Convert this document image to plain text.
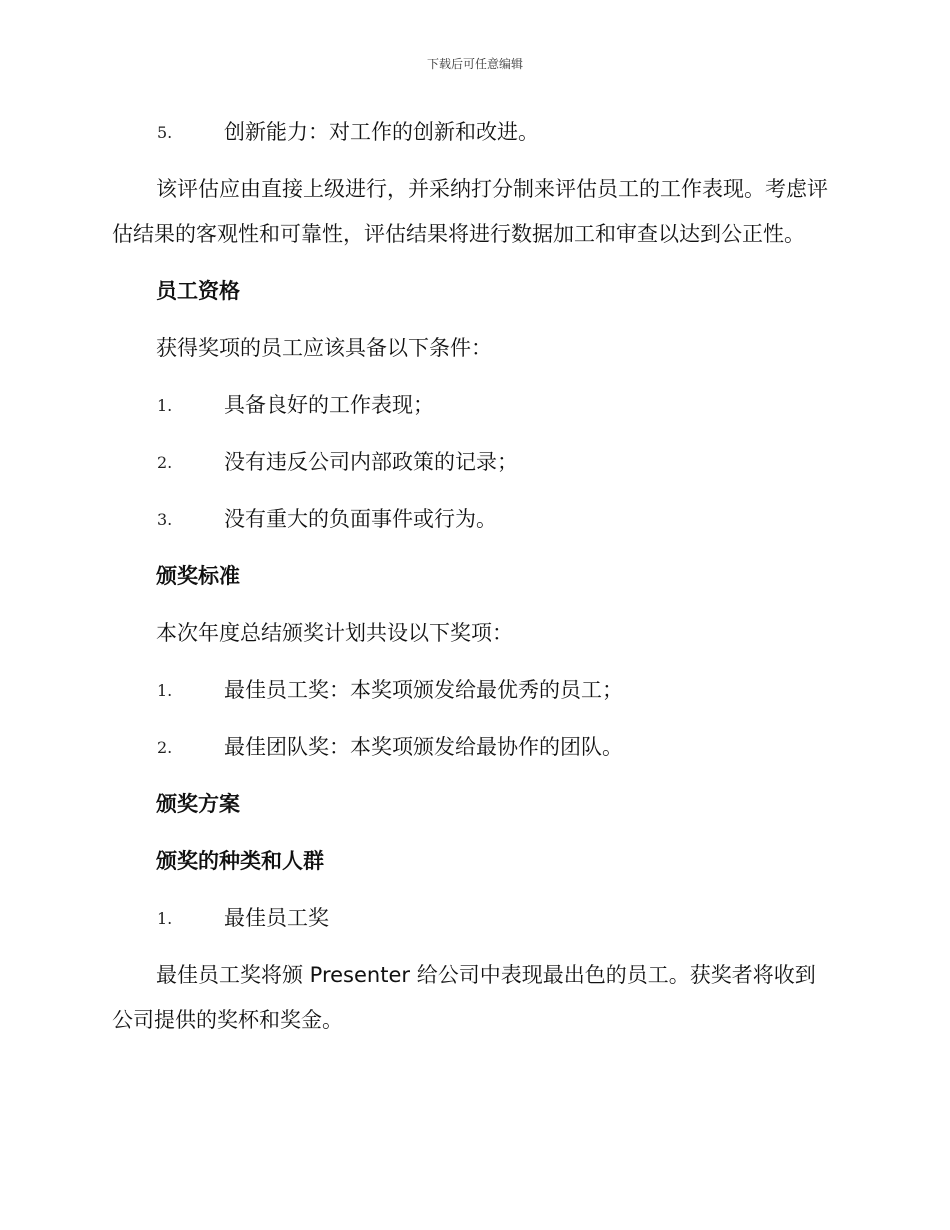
下载后可任意编辑
5. 创新能力：对工作的创新和改进。

该评估应由直接上级进行，并采纳打分制来评估员工的工作表现。考虑评估结果的客观性和可靠性，评估结果将进行数据加工和审查以达到公正性。

员工资格
获得奖项的员工应该具备以下条件：
1. 具备良好的工作表现；
2. 没有违反公司内部政策的记录；
3. 没有重大的负面事件或行为。
颁奖标准
本次年度总结颁奖计划共设以下奖项：
1. 最佳员工奖：本奖项颁发给最优秀的员工；
2. 最佳团队奖：本奖项颁发给最协作的团队。
颁奖方案
颁奖的种类和人群
1. 最佳员工奖

最佳员工奖将颁 Presenter 给公司中表现最出色的员工。获奖者将收到公司提供的奖杯和奖金。
